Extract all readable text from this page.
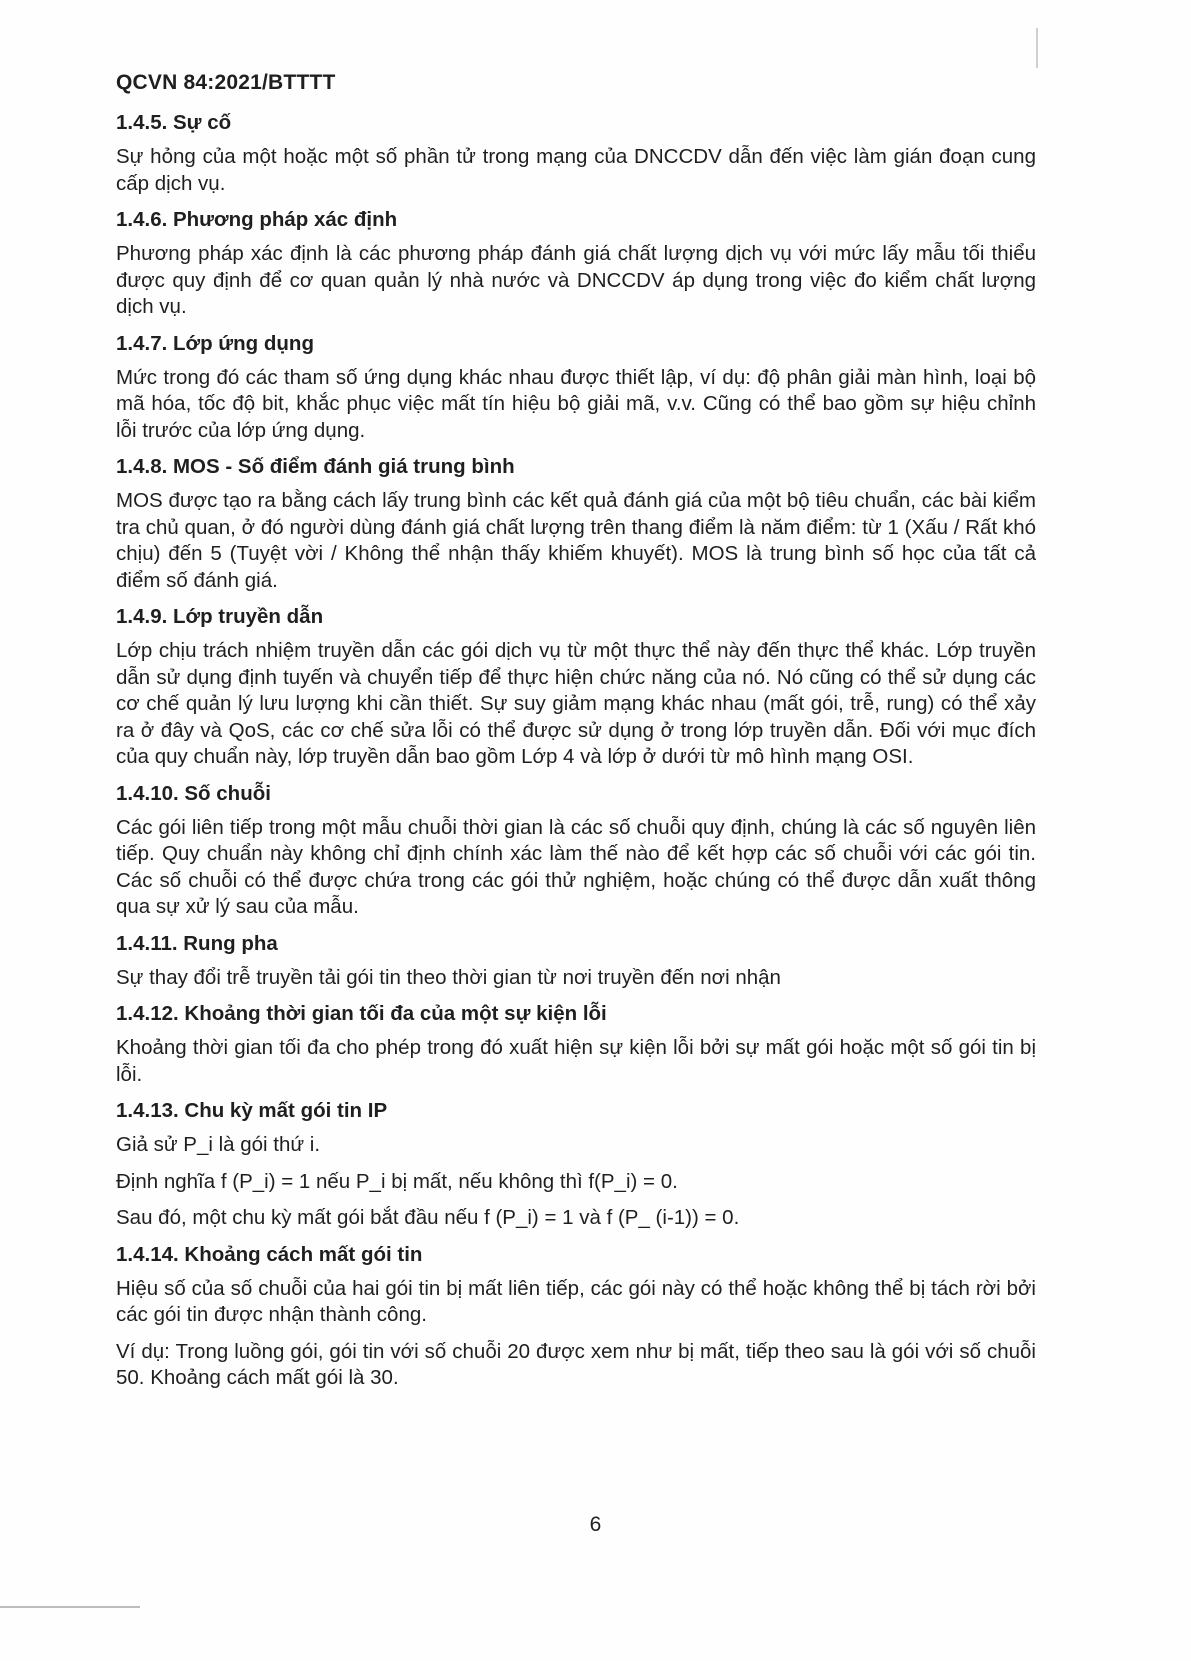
QCVN 84:2021/BTTTT
1.4.5. Sự cố
Sự hỏng của một hoặc một số phần tử trong mạng của DNCCDV dẫn đến việc làm gián đoạn cung cấp dịch vụ.
1.4.6. Phương pháp xác định
Phương pháp xác định là các phương pháp đánh giá chất lượng dịch vụ với mức lấy mẫu tối thiểu được quy định để cơ quan quản lý nhà nước và DNCCDV áp dụng trong việc đo kiểm chất lượng dịch vụ.
1.4.7. Lớp ứng dụng
Mức trong đó các tham số ứng dụng khác nhau được thiết lập, ví dụ: độ phân giải màn hình, loại bộ mã hóa, tốc độ bit, khắc phục việc mất tín hiệu bộ giải mã, v.v. Cũng có thể bao gồm sự hiệu chỉnh lỗi trước của lớp ứng dụng.
1.4.8. MOS - Số điểm đánh giá trung bình
MOS được tạo ra bằng cách lấy trung bình các kết quả đánh giá của một bộ tiêu chuẩn, các bài kiểm tra chủ quan, ở đó người dùng đánh giá chất lượng trên thang điểm là năm điểm: từ 1 (Xấu / Rất khó chịu) đến 5 (Tuyệt vời / Không thể nhận thấy khiếm khuyết). MOS là trung bình số học của tất cả điểm số đánh giá.
1.4.9. Lớp truyền dẫn
Lớp chịu trách nhiệm truyền dẫn các gói dịch vụ từ một thực thể này đến thực thể khác. Lớp truyền dẫn sử dụng định tuyến và chuyển tiếp để thực hiện chức năng của nó. Nó cũng có thể sử dụng các cơ chế quản lý lưu lượng khi cần thiết. Sự suy giảm mạng khác nhau (mất gói, trễ, rung) có thể xảy ra ở đây và QoS, các cơ chế sửa lỗi có thể được sử dụng ở trong lớp truyền dẫn. Đối với mục đích của quy chuẩn này, lớp truyền dẫn bao gồm Lớp 4 và lớp ở dưới từ mô hình mạng OSI.
1.4.10. Số chuỗi
Các gói liên tiếp trong một mẫu chuỗi thời gian là các số chuỗi quy định, chúng là các số nguyên liên tiếp. Quy chuẩn này không chỉ định chính xác làm thế nào để kết hợp các số chuỗi với các gói tin. Các số chuỗi có thể được chứa trong các gói thử nghiệm, hoặc chúng có thể được dẫn xuất thông qua sự xử lý sau của mẫu.
1.4.11. Rung pha
Sự thay đổi trễ truyền tải gói tin theo thời gian từ nơi truyền đến nơi nhận
1.4.12. Khoảng thời gian tối đa của một sự kiện lỗi
Khoảng thời gian tối đa cho phép trong đó xuất hiện sự kiện lỗi bởi sự mất gói hoặc một số gói tin bị lỗi.
1.4.13. Chu kỳ mất gói tin IP
Giả sử P_i là gói thứ i.
Định nghĩa f (P_i) = 1 nếu P_i bị mất, nếu không thì f(P_i) = 0.
Sau đó, một chu kỳ mất gói bắt đầu nếu f (P_i) = 1 và f (P_ (i-1)) = 0.
1.4.14. Khoảng cách mất gói tin
Hiệu số của số chuỗi của hai gói tin bị mất liên tiếp, các gói này có thể hoặc không thể bị tách rời bởi các gói tin được nhận thành công.
Ví dụ: Trong luồng gói, gói tin với số chuỗi 20 được xem như bị mất, tiếp theo sau là gói với số chuỗi 50. Khoảng cách mất gói là 30.
6
